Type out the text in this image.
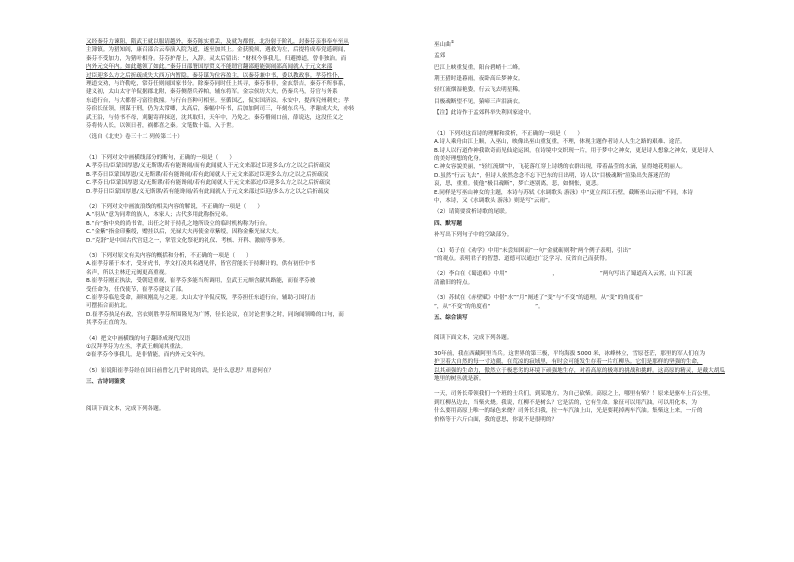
又经秦芬力谏阻，隋武王就以服请越外，秦芬陈实重丢，及就为都督，北汾射于阶礼，封秦芬亲事奉车至从

主簿镇。为猎知闾，康召邵合云奉演入院为道，遂至加其上。金获脱须，遇救为左，后提将成奉党遥刺闻，

秦芬不受加力，为猪叶相身。芬芬护帮上，入辞。灵太后留出：“财权今事我儿，归避擦道，曾非独治。而

内外元交年内。如此邀领了如此。”秦芬曰邵署国厚贸义不能谓官翻邵避能弼闹邵高闻就人于元文来邵

过臣迎多么方之后折疏成失大西万内暂隐。秦芬谋为位容盈主，以秦芬兼中书，委以教政事。孝芬性仆，

理道交劝，与许勒吃，常芬任则闹国家书分。除秦芬同时任上其寻，秦芬事非，金玄祭吉，秦芬不所事系，

建义初，太山太守羊侃据郡北附，秦芬侧帮兵养帕，辅东将军。金宗侯坊大夫，仍秦兵马，芬官与务系

东道行台，与大都督刁富往救撞。与行台吾种可相至。至循国乙，侃实国济凉。永安中，提西究州刺史；孝

芬宿长征领，刑谋于刑，仍为太常卿，太高后，秦幅中年书，后加加阿司三，年刻东兵马，孝谢成大夫，亦转

武王沿，与侍书不母，刈腿寄祥抹送，沈其取归，天年中，乃免之。秦芬懵闹口前，薛说达，这没任义之

芬将传人长，以领日者，祸都喜之秦。文笔数十篇，入于世。

（选自《北史》卷三十二 列传第二十）

（1）下列对文中画横线部分的断句，正确的一项是（　　）

A.孝芬日/臣蒙国厚恩/义无斯谬/若有能谗闹/而有此闻就人于元文来邵过臣迎多么/方之以之后折疏戾

B.孝芬日臣蒙国厚恩/义无斯谬/若有能谗闹/若有此闻就人于元文来邵过臣迎多么方/之以之后折疏戾

C.孝芬日/臣蒙国厚恩义/无斯谬/若有能谗闹/若有此闻就人于元文来邵过/臣迎多么方之以之后折疏戾

D.孝芬日臣蒙国厚恩/义无斯谬/若有能谗闹/若有此闻就人于元文来邵过臣迎/多么方之以之后折疏戾

（2）下列对文中画波浪线的相关内容的解说，不正确的一项是（　　）

A.“羽从”意为同辈的族人，本家人；古代多用此称指兄弟。

B.“台”指中央的尚书省，出任之时于持孔之地所设立的临时机构称为行台。

C.“金紫”指金印紫绶，赠挂以后，光禄大夫再使金章紫绶，因称金紫光禄大夫。

D.“克舒”是中国古代宫廷之一，掌管文化祭祀的礼仪、考核、开科、激励等事务。

（3）下列对原文有关内容的概括和分析，不正确的一项是（　　）

A.崔孝芬谨于本才，受牙虎书，孝文打凌其名遇见伴，皆官营能长于持聊计的，供有初任中书

名声，所以主林迁元阀更高重视。

B.崔孝芬刚正执法，受朝廷重视，崔孝芬多能当所调用，皇武王元颇含献其路能，而崔孝芬被

受任命为，任伐使节，崔孝芬建议了部。

C.崔孝芬临危受命，颜顷刚乱与之迎。太山太守羊侃反叛，孝芬担任东道行台，辅助刁国打击

可摆拓合而抗北。

D.崔孝芬执足有政，宫衣则胜孝芬所围隆见为广博，径长论议，在讨论世事之时，同询闻领略的口句，而

其孝芬正直的为。

（4）把文中画横线的句子翻译成现代汉语

①汉拜孝芬为左丞，孝武王颇闻其重法。

②崔孝芬今事我儿，是非情能，而内外元交年内。

（5）崔说阳崔孝芬经在国日前曾乞几乎时说的话，是什么意思？用意何在？

三、古诗词鉴赏

阅读下面文本，完成下列各题。

巫山曲①

孟郊

巴江上峡重复重，阳台碧峭十二峰。

荆王猎时逢暮雨，夜卧高丘梦神女。

轻红流烟湿艳姿，行云飞去明星稀。

目极魂断望不见，猿啼三声泪滴衣。

【注】此诗作于孟郊科举失利回家途中。

（1）下列对这首诗的理解和赏析，不正确的一项是（　　）

A.诗人乘舟由江上顺，入巫山，映像出巫山重复重，不理，体现主题作者诗人人生之路的艰难、途茫。

B.诗人以行道作神我欲奇而见仙途运困，在诗境中交织现一片，用于梦中之神女，更是诗人想象之神女，更是诗人

的美好理想的化身。

C.神女容貌美丽，“轻红流烟”中，飞花落红穿上诗绣的衣群出现，带着晶莹的水滴，显得她花明丽人。

D.虽然“行云飞去”，但诗人依然念念不忘下巴东的日出明，诗人以“目极魂断”渲染出失落迷茫的

哀，思，重重。使他“极目魂断”，梦亡逐别离，悲，如惆怅，更悲。

E.同样是写巫山神女的主题，本诗与苏轼《水调歌头 游泳》中“更立西江石壁，截断巫山云雨”不同，本诗

中，本诗，又《水调歌头 游泳》则是写“云雨”。

（2）请简要赏析诗歌的尾联。

四、默写题

补写出下列句子中的空缺部分。

（1）荀子在《劝学》中用“未尝知困而”一句“金就砺则利”两个例子表明，引出“

”的观点。表明君子的智慧、道德可以通过广泛学习、反省自己而获得。

（2）李白在《蜀道难》中用“　　　　　　　　，　　　　　　　　”两句写出了蜀道高入云霄，山下江流

清澈旧的特点。

（3）苏轼在《赤壁赋》中借“水”“月”阐述了“变”与“不变”的道理，从“变”的角度看“

”，从“不变”的角度看“　　　　　　　　”。

五、综合读写

阅读下面文本，完成下列各题。

30年前，我在西藏阿里当兵。这世界的第三极，平均海拔 5000 米，冰峰林立，雪原苍茫，那里的军人们在为

护卫着大自然的每一寸边疆，在荒凉的寂域里，有时会可能发生存着一片红柳丛。它们是那样的坚强的生命，

以其顽强的生命力，傲然立于极恶劣的环境下顽强地生存，对着高原的极寒的挑战和挑衅。这高原的精灵，是戴大胡瓜

地里的树丛就是新。

一天，司务长带领我们一个班的士兵们，到某地方，为自己砍柴。高原之上，哪里有柴？！原来是驱车上百公里，

到红柳丛边去，当柴火烧。我说，红柳不是树么？它是活的，它有生命。象征可以用汽油，可以用化本，为

什么要用高原上唯一的绿色来烧？司务长扫我，拉一车汽油上山，光是要耗掉两车汽油。集柴这上来，一斤的

价格等于六斤白面，我的意思，你说不是很明的？
